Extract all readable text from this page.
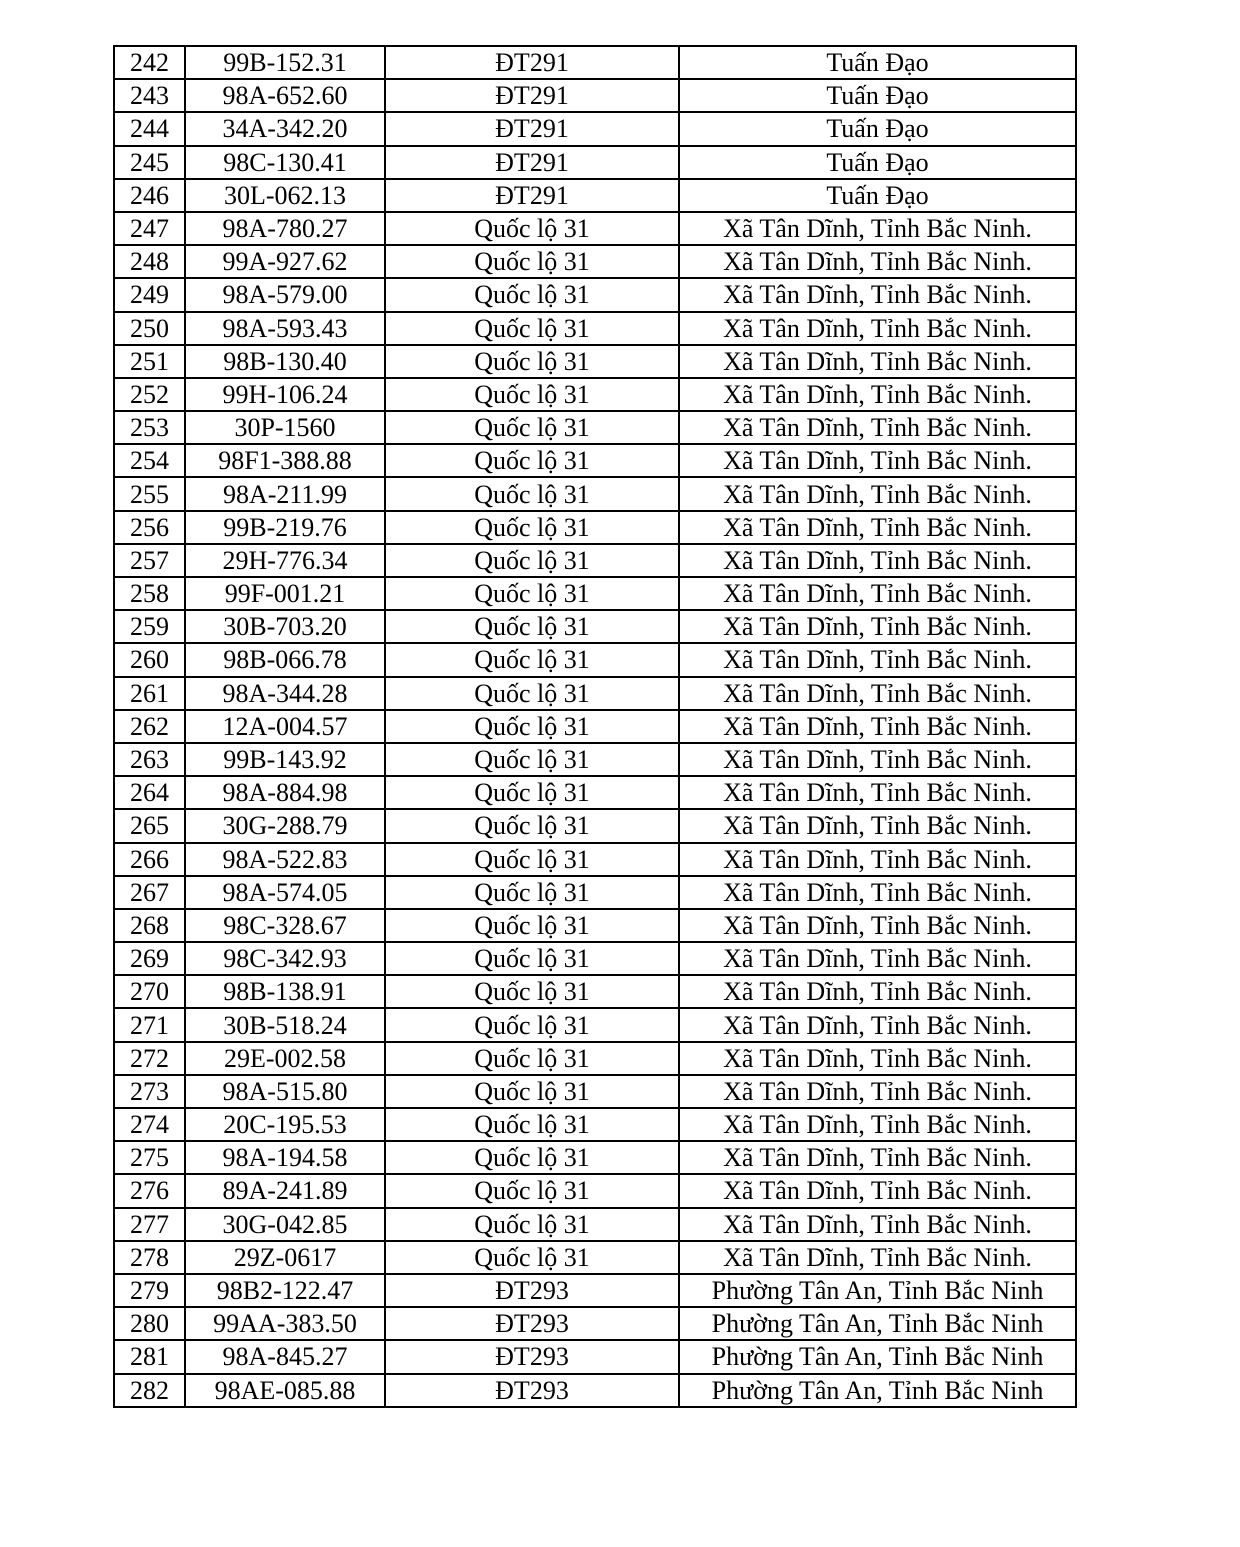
242	99B-152.31	ĐT291	Tuấn Đạo
243	98A-652.60	ĐT291	Tuấn Đạo
244	34A-342.20	ĐT291	Tuấn Đạo
245	98C-130.41	ĐT291	Tuấn Đạo
246	30L-062.13	ĐT291	Tuấn Đạo
247	98A-780.27	Quốc lộ 31	Xã Tân Dĩnh, Tỉnh Bắc Ninh.
248	99A-927.62	Quốc lộ 31	Xã Tân Dĩnh, Tỉnh Bắc Ninh.
249	98A-579.00	Quốc lộ 31	Xã Tân Dĩnh, Tỉnh Bắc Ninh.
250	98A-593.43	Quốc lộ 31	Xã Tân Dĩnh, Tỉnh Bắc Ninh.
251	98B-130.40	Quốc lộ 31	Xã Tân Dĩnh, Tỉnh Bắc Ninh.
252	99H-106.24	Quốc lộ 31	Xã Tân Dĩnh, Tỉnh Bắc Ninh.
253	30P-1560	Quốc lộ 31	Xã Tân Dĩnh, Tỉnh Bắc Ninh.
254	98F1-388.88	Quốc lộ 31	Xã Tân Dĩnh, Tỉnh Bắc Ninh.
255	98A-211.99	Quốc lộ 31	Xã Tân Dĩnh, Tỉnh Bắc Ninh.
256	99B-219.76	Quốc lộ 31	Xã Tân Dĩnh, Tỉnh Bắc Ninh.
257	29H-776.34	Quốc lộ 31	Xã Tân Dĩnh, Tỉnh Bắc Ninh.
258	99F-001.21	Quốc lộ 31	Xã Tân Dĩnh, Tỉnh Bắc Ninh.
259	30B-703.20	Quốc lộ 31	Xã Tân Dĩnh, Tỉnh Bắc Ninh.
260	98B-066.78	Quốc lộ 31	Xã Tân Dĩnh, Tỉnh Bắc Ninh.
261	98A-344.28	Quốc lộ 31	Xã Tân Dĩnh, Tỉnh Bắc Ninh.
262	12A-004.57	Quốc lộ 31	Xã Tân Dĩnh, Tỉnh Bắc Ninh.
263	99B-143.92	Quốc lộ 31	Xã Tân Dĩnh, Tỉnh Bắc Ninh.
264	98A-884.98	Quốc lộ 31	Xã Tân Dĩnh, Tỉnh Bắc Ninh.
265	30G-288.79	Quốc lộ 31	Xã Tân Dĩnh, Tỉnh Bắc Ninh.
266	98A-522.83	Quốc lộ 31	Xã Tân Dĩnh, Tỉnh Bắc Ninh.
267	98A-574.05	Quốc lộ 31	Xã Tân Dĩnh, Tỉnh Bắc Ninh.
268	98C-328.67	Quốc lộ 31	Xã Tân Dĩnh, Tỉnh Bắc Ninh.
269	98C-342.93	Quốc lộ 31	Xã Tân Dĩnh, Tỉnh Bắc Ninh.
270	98B-138.91	Quốc lộ 31	Xã Tân Dĩnh, Tỉnh Bắc Ninh.
271	30B-518.24	Quốc lộ 31	Xã Tân Dĩnh, Tỉnh Bắc Ninh.
272	29E-002.58	Quốc lộ 31	Xã Tân Dĩnh, Tỉnh Bắc Ninh.
273	98A-515.80	Quốc lộ 31	Xã Tân Dĩnh, Tỉnh Bắc Ninh.
274	20C-195.53	Quốc lộ 31	Xã Tân Dĩnh, Tỉnh Bắc Ninh.
275	98A-194.58	Quốc lộ 31	Xã Tân Dĩnh, Tỉnh Bắc Ninh.
276	89A-241.89	Quốc lộ 31	Xã Tân Dĩnh, Tỉnh Bắc Ninh.
277	30G-042.85	Quốc lộ 31	Xã Tân Dĩnh, Tỉnh Bắc Ninh.
278	29Z-0617	Quốc lộ 31	Xã Tân Dĩnh, Tỉnh Bắc Ninh.
279	98B2-122.47	ĐT293	Phường Tân An, Tỉnh Bắc Ninh
280	99AA-383.50	ĐT293	Phường Tân An, Tỉnh Bắc Ninh
281	98A-845.27	ĐT293	Phường Tân An, Tỉnh Bắc Ninh
282	98AE-085.88	ĐT293	Phường Tân An, Tỉnh Bắc Ninh
